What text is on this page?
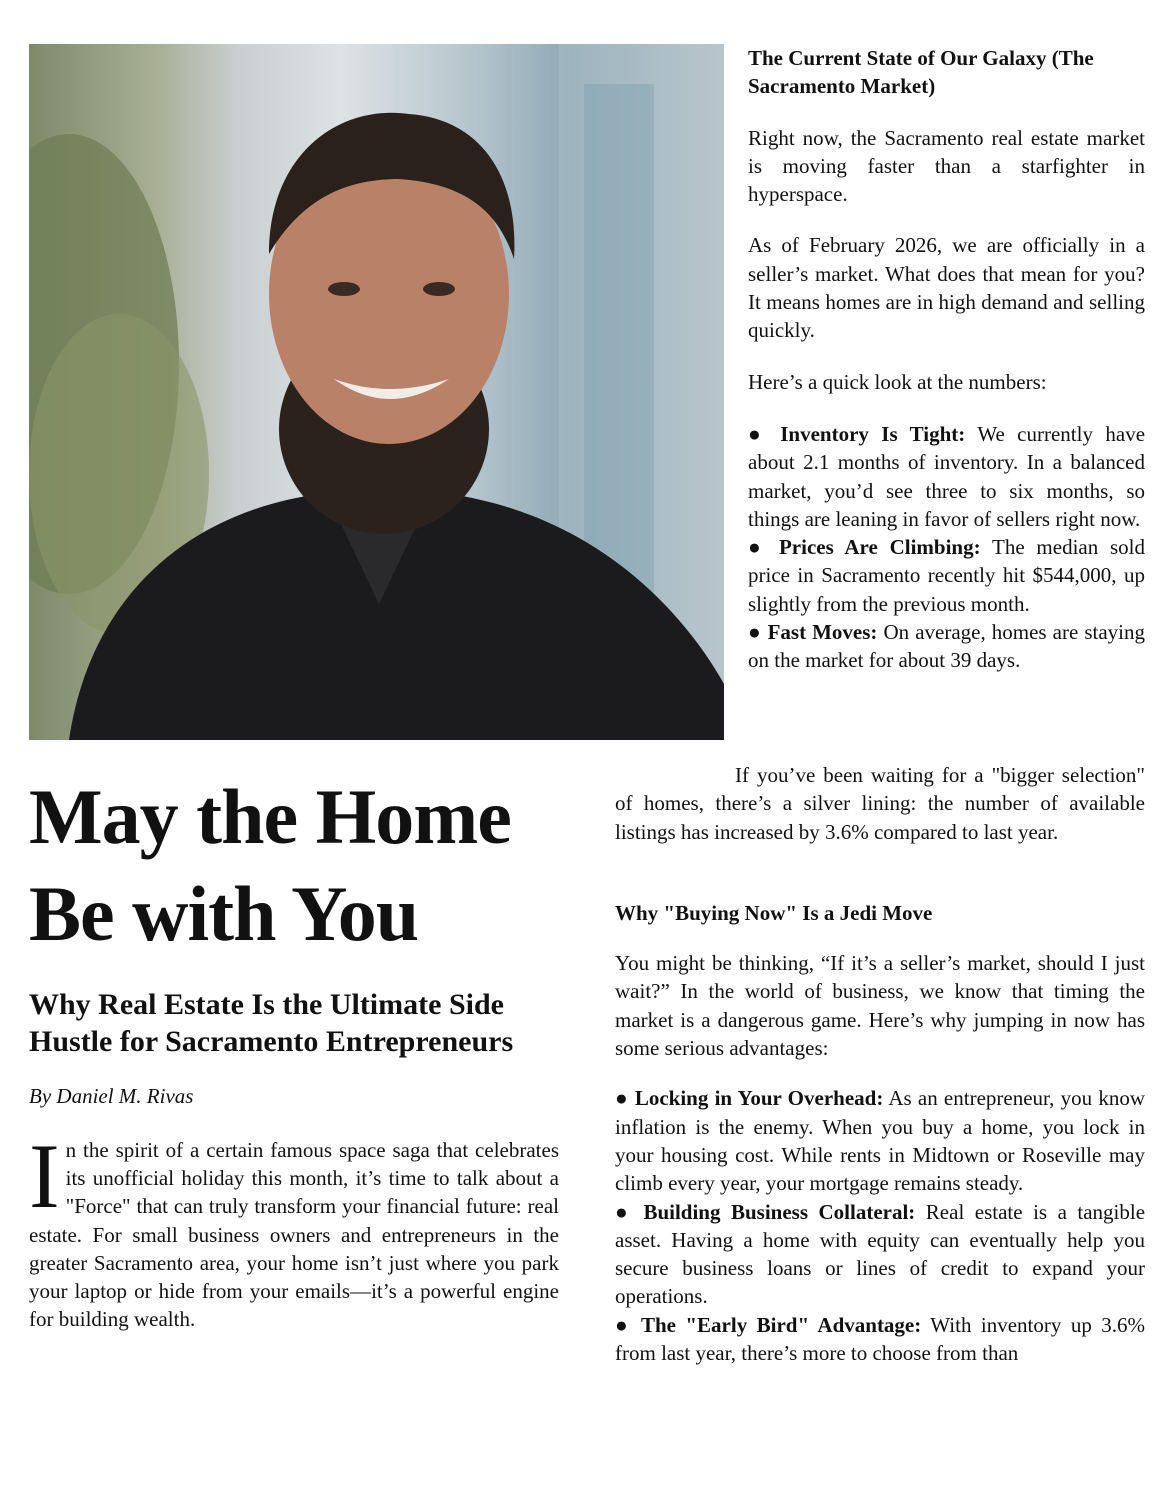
The Current State of Our Galaxy (The Sacramento Market)

Right now, the Sacramento real estate market is moving faster than a starfighter in hyperspace.

As of February 2026, we are officially in a seller’s market. What does that mean for you? It means homes are in high demand and selling quickly.

Here’s a quick look at the numbers:

● Inventory Is Tight: We currently have about 2.1 months of inventory. In a balanced market, you’d see three to six months, so things are leaning in favor of sellers right now.

● Prices Are Climbing: The median sold price in Sacramento recently hit $544,000, up slightly from the previous month.

● Fast Moves: On average, homes are staying on the market for about 39 days.

May the Home
Be with You
Why Real Estate Is the Ultimate Side Hustle for Sacramento Entrepreneurs
By Daniel M. Rivas
In the spirit of a certain famous space saga that celebrates its unofficial holiday this month, it’s time to talk about a "Force" that can truly transform your financial future: real estate. For small business owners and entrepreneurs in the greater Sacramento area, your home isn’t just where you park your laptop or hide from your emails—it’s a powerful engine for building wealth.

If you’ve been waiting for a "bigger selection" of homes, there’s a silver lining: the number of available listings has increased by 3.6% compared to last year.

Why "Buying Now" Is a Jedi Move

You might be thinking, “If it’s a seller’s market, should I just wait?” In the world of business, we know that timing the market is a dangerous game. Here’s why jumping in now has some serious advantages:

● Locking in Your Overhead: As an entrepreneur, you know inflation is the enemy. When you buy a home, you lock in your housing cost. While rents in Midtown or Roseville may climb every year, your mortgage remains steady.

● Building Business Collateral: Real estate is a tangible asset. Having a home with equity can eventually help you secure business loans or lines of credit to expand your operations.

● The "Early Bird" Advantage: With inventory up 3.6% from last year, there’s more to choose from than
